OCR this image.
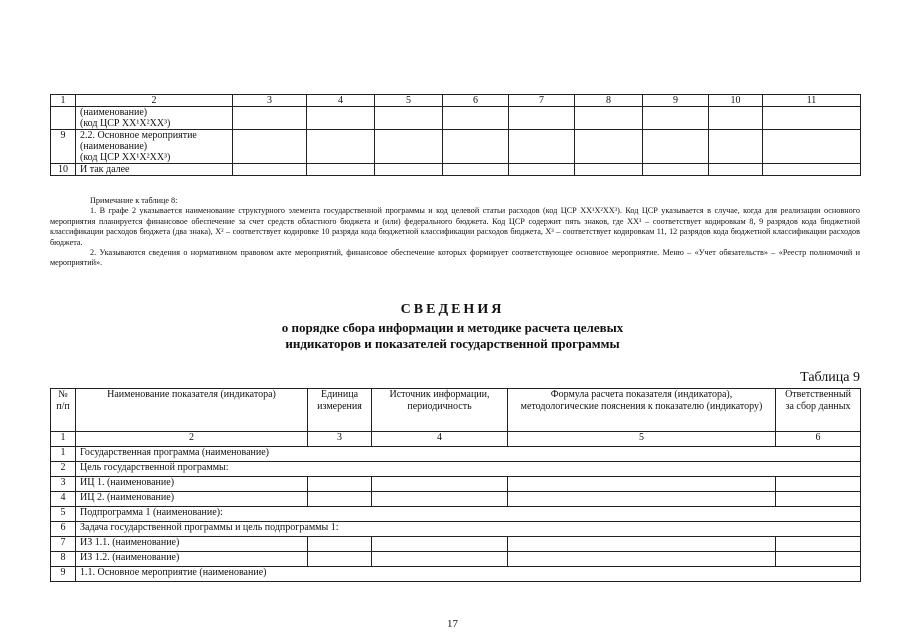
1	2	3	4	5	6	7	8	9	10	11

	(наименование)
(код ЦСР XX¹X²XX³)									

9	2.2. Основное мероприятие
(наименование)
(код ЦСР XX¹X²XX³)									

10	И так далее									

Примечание к таблице 8:

1. В графе 2 указывается наименование структурного элемента государственной программы и код целевой статьи расходов (код ЦСР XX¹X²XX³). Код ЦСР указывается в случае, когда для реализации основного мероприятия планируется финансовое обеспечение за счет средств областного бюджета и (или) федерального бюджета. Код ЦСР содержит пять знаков, где XX¹ – соответствует кодировкам 8, 9 разрядов кода бюджетной классификации расходов бюджета (два знака), X² – соответствует кодировке 10 разряда кода бюджетной классификации расходов бюджета, X³ – соответствует кодировкам 11, 12 разрядов кода бюджетной классификации расходов бюджета.

2. Указываются сведения о нормативном правовом акте мероприятий, финансовое обеспечение которых формирует соответствующее основное мероприятие. Меню – «Учет обязательств» – «Реестр полномочий и мероприятий».

СВЕДЕНИЯ
о порядке сбора информации и методике расчета целевых
индикаторов и показателей государственной программы
Таблица 9
№ п/п	Наименование показателя (индикатора)	Единица измерения	Источник информации, периодичность	Формула расчета показателя (индикатора), методологические пояснения к показателю (индикатору)	Ответственный за сбор данных
1	2	3	4	5	6
1	Государственная программа (наименование)				
2	Цель государственной программы:				
3	ИЦ 1. (наименование)				
4	ИЦ 2. (наименование)				
5	Подпрограмма 1 (наименование):				
6	Задача государственной программы и цель подпрограммы 1:				
7	ИЗ 1.1. (наименование)				
8	ИЗ 1.2. (наименование)				
9	1.1. Основное мероприятие (наименование)				
17
